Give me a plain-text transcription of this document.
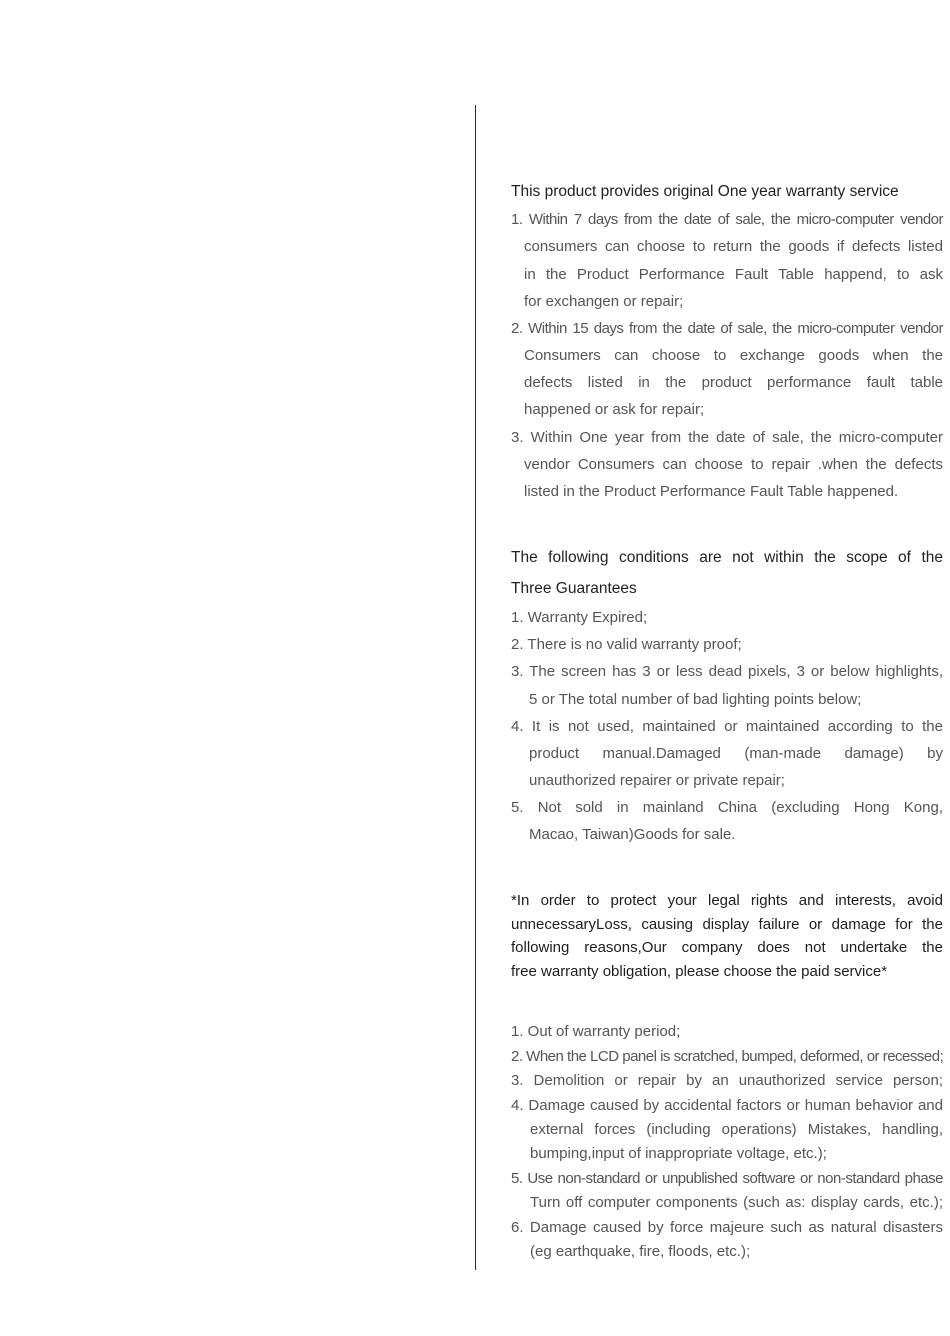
This product provides original One year warranty service
1. Within 7 days from the date of sale, the micro-computer vendor
consumers can choose to return the goods if defects listed
in the Product Performance Fault Table happend, to ask
for exchangen or repair;
2. Within 15 days from the date of sale, the micro-computer vendor
Consumers can choose to exchange goods when the
defects listed in the product performance fault table
happened or ask for repair;
3. Within One year from the date of sale, the micro-computer
vendor Consumers can choose to repair .when the defects
listed in the Product Performance Fault Table happened.
The following conditions are not within the scope of the
Three Guarantees
1. Warranty Expired;
2. There is no valid warranty proof;
3. The screen has 3 or less dead pixels, 3 or below highlights,
5 or The total number of bad lighting points below;
4. It is not used, maintained or maintained according to the
product manual.Damaged (man-made damage) by
unauthorized repairer or private repair;
5. Not sold in mainland China (excluding Hong Kong,
Macao, Taiwan)Goods for sale.
*In order to protect your legal rights and interests, avoid
unnecessaryLoss, causing display failure or damage for the
following reasons,Our company does not undertake the
free warranty obligation, please choose the paid service*
1. Out of warranty period;
2. When the LCD panel is scratched, bumped, deformed, or recessed;
3. Demolition or repair by an unauthorized service person;
4. Damage caused by accidental factors or human behavior and
external forces (including operations) Mistakes, handling,
bumping,input of inappropriate voltage, etc.);
5. Use non-standard or unpublished software or non-standard phase
Turn off computer components (such as: display cards, etc.);
6. Damage caused by force majeure such as natural disasters
(eg earthquake, fire, floods, etc.);
